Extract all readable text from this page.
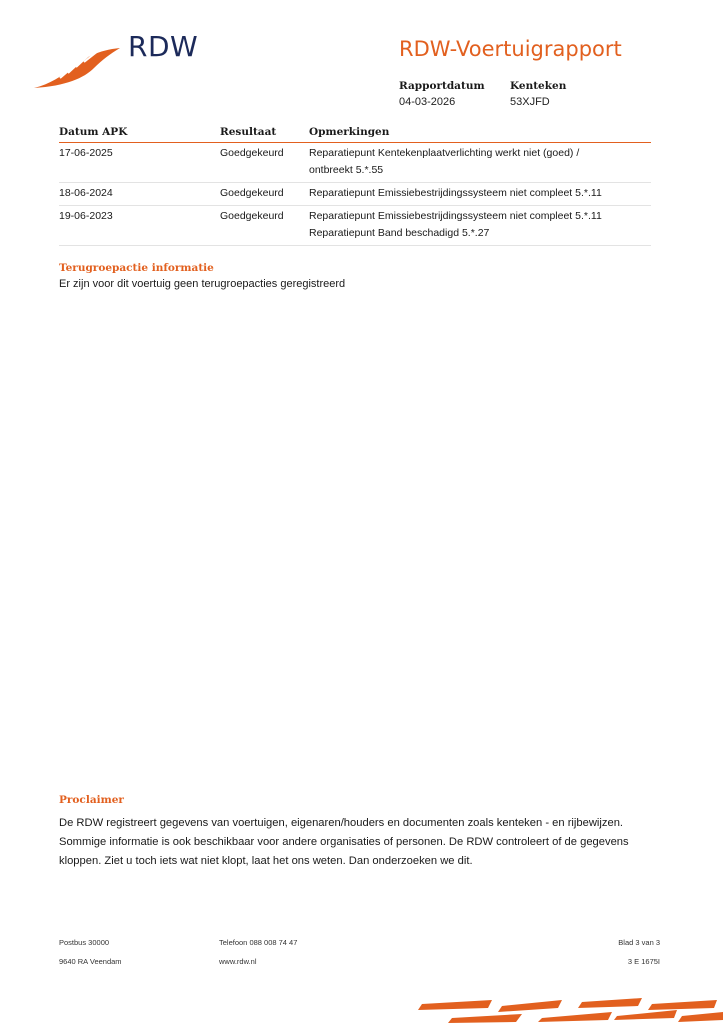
RDW	RDW-Voertuigrapport
Rapportdatum
04-03-2026
Kenteken
53XJFD
Datum APK	Resultaat	Opmerkingen
17-06-2025	Goedgekeurd	Reparatiepunt Kentekenplaatverlichting werkt niet (goed) /
ontbreekt 5.*.55
18-06-2024	Goedgekeurd	Reparatiepunt Emissiebestrijdingssysteem niet compleet 5.*.11
19-06-2023	Goedgekeurd	Reparatiepunt Emissiebestrijdingssysteem niet compleet 5.*.11
Reparatiepunt Band beschadigd 5.*.27
Terugroepactie informatie
Er zijn voor dit voertuig geen terugroepacties geregistreerd
Proclaimer
De RDW registreert gegevens van voertuigen, eigenaren/houders en documenten zoals kenteken - en rijbewijzen.
Sommige informatie is ook beschikbaar voor andere organisaties of personen. De RDW controleert of de gegevens
kloppen. Ziet u toch iets wat niet klopt, laat het ons weten. Dan onderzoeken we dit.
Postbus 30000
9640 RA Veendam
Telefoon 088 008 74 47
www.rdw.nl
Blad 3 van 3
3 E 1675I
